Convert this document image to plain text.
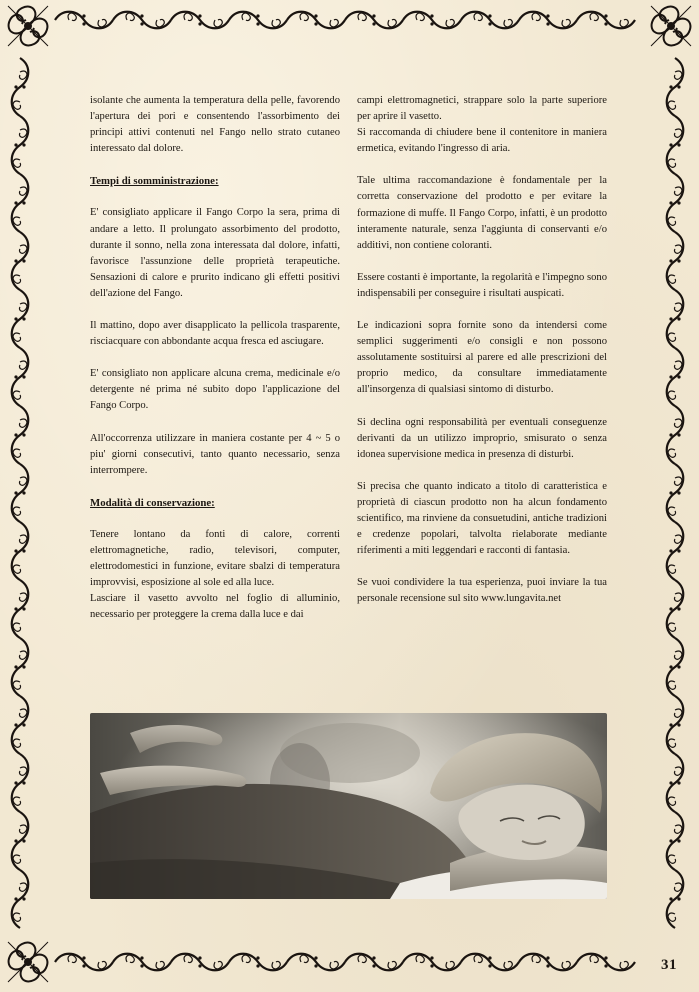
isolante che aumenta la temperatura della pelle, favorendo l'apertura dei pori e consentendo l'assorbimento dei principi attivi contenuti nel Fango nello strato cutaneo interessato dal dolore.

Tempi di somministrazione:

E' consigliato applicare il Fango Corpo la sera, prima di andare a letto. Il prolungato assorbimento del prodotto, durante il sonno, nella zona interessata dal dolore, infatti, favorisce l'assunzione delle proprietà terapeutiche. Sensazioni di calore e prurito indicano gli effetti positivi dell'azione del Fango.

Il mattino, dopo aver disapplicato la pellicola trasparente, risciacquare con abbondante acqua fresca ed asciugare.

E' consigliato non applicare alcuna crema, medicinale e/o detergente né prima né subito dopo l'applicazione del Fango Corpo.

All'occorrenza utilizzare in maniera costante per 4 ~ 5 o piu' giorni consecutivi, tanto quanto necessario, senza interrompere.

Modalità di conservazione:

Tenere lontano da fonti di calore, correnti elettromagnetiche, radio, televisori, computer, elettrodomestici in funzione, evitare sbalzi di temperatura improvvisi, esposizione al sole ed alla luce.

Lasciare il vasetto avvolto nel foglio di alluminio, necessario per proteggere la crema dalla luce e dai

campi elettromagnetici, strappare solo la parte superiore per aprire il vasetto.

Si raccomanda di chiudere bene il contenitore in maniera ermetica, evitando l'ingresso di aria.

Tale ultima raccomandazione è fondamentale per la corretta conservazione del prodotto e per evitare la formazione di muffe. Il Fango Corpo, infatti, è un prodotto interamente naturale, senza l'aggiunta di conservanti e/o additivi, non contiene coloranti.

Essere costanti è importante, la regolarità e l'impegno sono indispensabili per conseguire i risultati auspicati.

Le indicazioni sopra fornite sono da intendersi come semplici suggerimenti e/o consigli e non possono assolutamente sostituirsi al parere ed alle prescrizioni del proprio medico, da consultare immediatamente all'insorgenza di qualsiasi sintomo di disturbo.

Si declina ogni responsabilità per eventuali conseguenze derivanti da un utilizzo improprio, smisurato o senza idonea supervisione medica in presenza di disturbi.

Si precisa che quanto indicato a titolo di caratteristica e proprietà di ciascun prodotto non ha alcun fondamento scientifico, ma rinviene da consuetudini, antiche tradizioni e credenze popolari, talvolta rielaborate mediante riferimenti a miti leggendari e racconti di fantasia.

Se vuoi condividere la tua esperienza, puoi inviare la tua personale recensione sul sito www.lungavita.net

31
